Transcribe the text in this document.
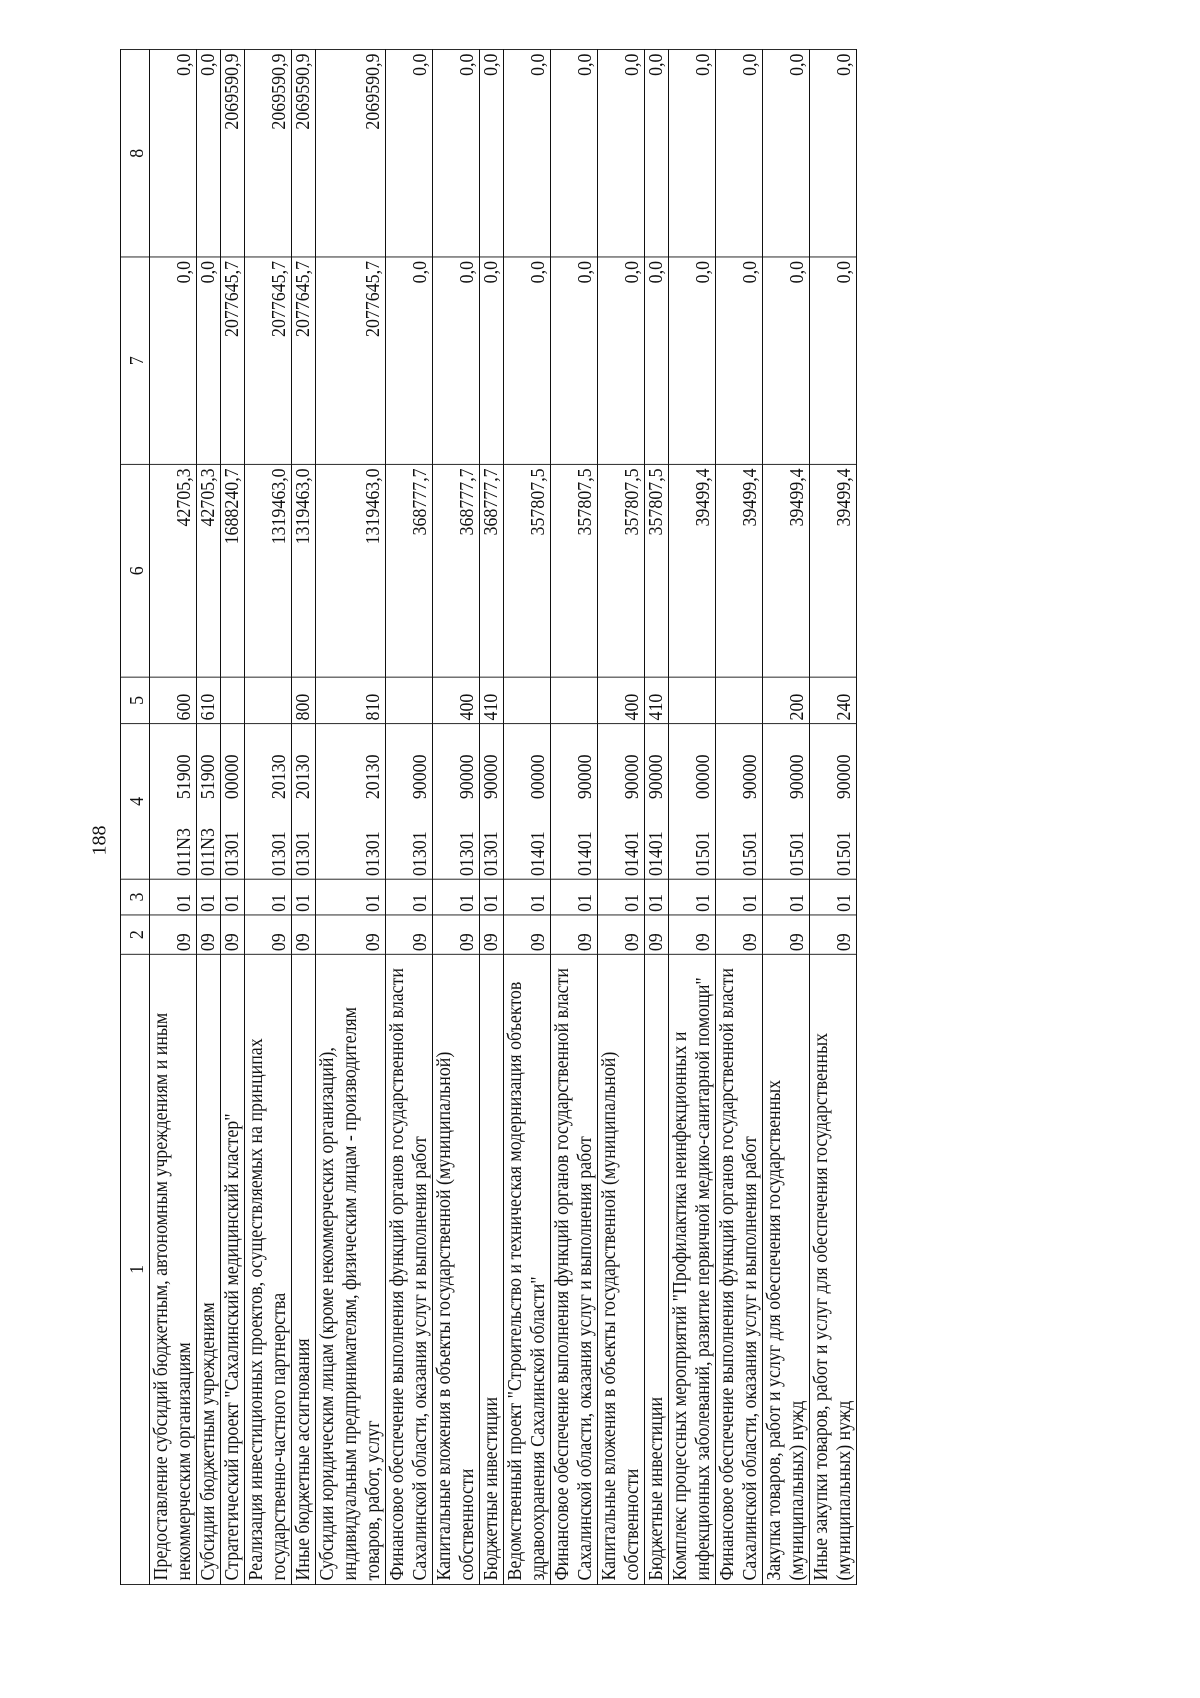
188
1	2	3	4	5	6	7	8
Предоставление субсидий бюджетным, автономным учреждениям и иным некоммерческим организациям	09	01	011N351900	600	42705,3	0,0	0,0
Субсидии бюджетным учреждениям	09	01	011N351900	610	42705,3	0,0	0,0
Стратегический проект "Сахалинский медицинский кластер"	09	01	0130100000		1688240,7	2077645,7	2069590,9
Реализация инвестиционных проектов, осуществляемых на принципах государственно-частного партнерства	09	01	0130120130		1319463,0	2077645,7	2069590,9
Иные бюджетные ассигнования	09	01	0130120130	800	1319463,0	2077645,7	2069590,9
Субсидии юридическим лицам (кроме некоммерческих организаций), индивидуальным предпринимателям, физическим лицам - производителям товаров, работ, услуг	09	01	0130120130	810	1319463,0	2077645,7	2069590,9
Финансовое обеспечение выполнения функций органов государственной власти Сахалинской области, оказания услуг и выполнения работ	09	01	0130190000		368777,7	0,0	0,0
Капитальные вложения в объекты государственной (муниципальной) собственности	09	01	0130190000	400	368777,7	0,0	0,0
Бюджетные инвестиции	09	01	0130190000	410	368777,7	0,0	0,0
Ведомственный проект "Строительство и техническая модернизация объектов здравоохранения Сахалинской области"	09	01	0140100000		357807,5	0,0	0,0
Финансовое обеспечение выполнения функций органов государственной власти Сахалинской области, оказания услуг и выполнения работ	09	01	0140190000		357807,5	0,0	0,0
Капитальные вложения в объекты государственной (муниципальной) собственности	09	01	0140190000	400	357807,5	0,0	0,0
Бюджетные инвестиции	09	01	0140190000	410	357807,5	0,0	0,0
Комплекс процессных мероприятий "Профилактика неинфекционных и инфекционных заболеваний, развитие первичной медико-санитарной помощи"	09	01	0150100000		39499,4	0,0	0,0
Финансовое обеспечение выполнения функций органов государственной власти Сахалинской области, оказания услуг и выполнения работ	09	01	0150190000		39499,4	0,0	0,0
Закупка товаров, работ и услуг для обеспечения государственных (муниципальных) нужд	09	01	0150190000	200	39499,4	0,0	0,0
Иные закупки товаров, работ и услуг для обеспечения государственных (муниципальных) нужд	09	01	0150190000	240	39499,4	0,0	0,0
